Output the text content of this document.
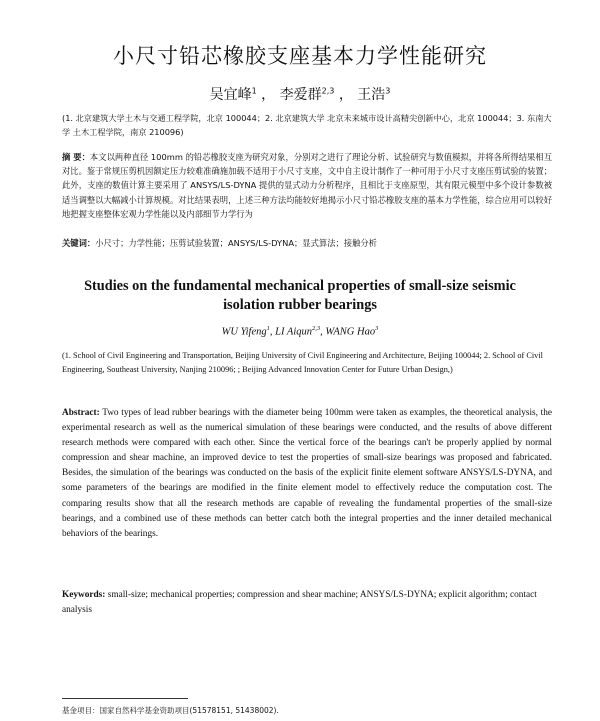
小尺寸铅芯橡胶支座基本力学性能研究
吴宜峰$^1$ ， 李爱群$^{2,3}$ ， 王浩$^3$
(1. 北京建筑大学土木与交通工程学院，北京 100044；2. 北京建筑大学 北京未来城市设计高精尖创新中心，北京 100044；3. 东南大学 土木工程学院，南京 210096)
摘 要：本文以两种直径 100mm 的铅芯橡胶支座为研究对象，分别对之进行了理论分析、试验研究与数值模拟，并将各所得结果相互对比。鉴于常规压剪机因额定压力较难准确施加载不适用于小尺寸支座，文中自主设计制作了一种可用于小尺寸支座压剪试验的装置；此外，支座的数值计算主要采用了 ANSYS/LS-DYNA 提供的显式动力分析程序，且相比于支座原型，其有限元模型中多个设计参数被适当调整以大幅减小计算规模。对比结果表明，上述三种方法均能较好地揭示小尺寸铅芯橡胶支座的基本力学性能，综合应用可以较好地把握支座整体宏观力学性能以及内部细节力学行为
关键词：小尺寸；力学性能；压剪试验装置；ANSYS/LS-DYNA；显式算法；接触分析
Studies on the fundamental mechanical properties of small-size seismic isolation rubber bearings
WU Yifeng$^1$, LI Aiqun$^{2,3}$, WANG Hao$^3$
(1. School of Civil Engineering and Transportation, Beijing University of Civil Engineering and Architecture, Beijing 100044; 2. School of Civil Engineering, Southeast University, Nanjing 210096; ; Beijing Advanced Innovation Center for Future Urban Design,)
Abstract: Two types of lead rubber bearings with the diameter being 100mm were taken as examples, the theoretical analysis, the experimental research as well as the numerical simulation of these bearings were conducted, and the results of above different research methods were compared with each other. Since the vertical force of the bearings can't be properly applied by normal compression and shear machine, an improved device to test the properties of small-size bearings was proposed and fabricated. Besides, the simulation of the bearings was conducted on the basis of the explicit finite element software ANSYS/LS-DYNA, and some parameters of the bearings are modified in the finite element model to effectively reduce the computation cost. The comparing results show that all the research methods are capable of revealing the fundamental properties of the small-size bearings, and a combined use of these methods can better catch both the integral properties and the inner detailed mechanical behaviors of the bearings.
Keywords: small-size; mechanical properties; compression and shear machine; ANSYS/LS-DYNA; explicit algorithm; contact analysis
基金项目：国家自然科学基金资助项目(51578151, 51438002).
